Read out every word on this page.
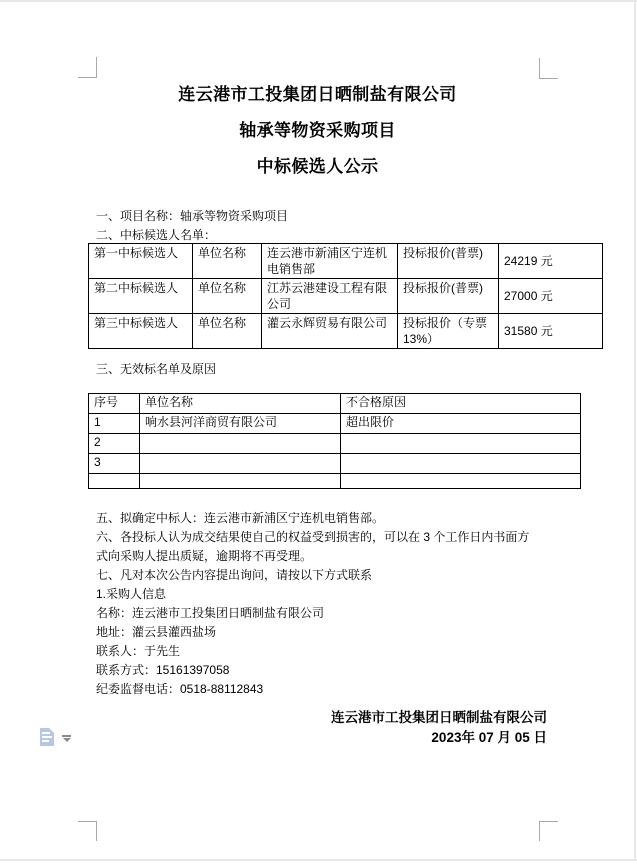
连云港市工投集团日晒制盐有限公司

轴承等物资采购项目

中标候选人公示

一、项目名称：轴承等物资采购项目

二、中标候选人名单：

第一中标候选人	单位名称	连云港市新浦区宁连机电销售部	投标报价(普票)	24219 元
第二中标候选人	单位名称	江苏云港建设工程有限公司	投标报价(普票)	27000 元
第三中标候选人	单位名称	灌云永辉贸易有限公司	投标报价（专票 13%）	31580 元

三、无效标名单及原因

序号	单位名称	不合格原因
1	响水县河洋商贸有限公司	超出限价
2		
3		

五、拟确定中标人：连云港市新浦区宁连机电销售部。

六、各投标人认为成交结果使自己的权益受到损害的，可以在 3 个工作日内书面方式向采购人提出质疑，逾期将不再受理。

七、凡对本次公告内容提出询问，请按以下方式联系

1.采购人信息

名称：连云港市工投集团日晒制盐有限公司

地址：灌云县灌西盐场

联系人：于先生

联系方式：15161397058

纪委监督电话：0518-88112843

连云港市工投集团日晒制盐有限公司

2023年 07 月 05 日
